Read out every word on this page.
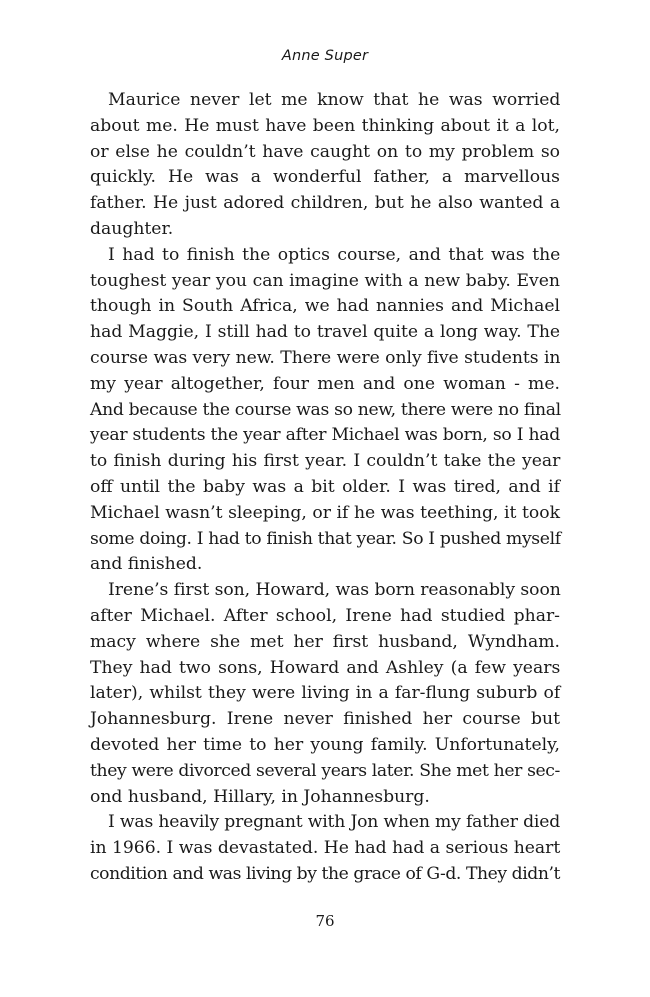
Anne Super
Maurice never let me know that he was worried
about me. He must have been thinking about it a lot,
or else he couldn’t have caught on to my problem so
quickly. He was a wonderful father, a marvellous
father. He just adored children, but he also wanted a
daughter.
I had to finish the optics course, and that was the
toughest year you can imagine with a new baby. Even
though in South Africa, we had nannies and Michael
had Maggie, I still had to travel quite a long way. The
course was very new. There were only five students in
my year altogether, four men and one woman - me.
And because the course was so new, there were no final
year students the year after Michael was born, so I had
to finish during his first year. I couldn’t take the year
off until the baby was a bit older. I was tired, and if
Michael wasn’t sleeping, or if he was teething, it took
some doing. I had to finish that year. So I pushed myself
and finished.
Irene’s first son, Howard, was born reasonably soon
after Michael. After school, Irene had studied phar-
macy where she met her first husband, Wyndham.
They had two sons, Howard and Ashley (a few years
later), whilst they were living in a far-flung suburb of
Johannesburg. Irene never finished her course but
devoted her time to her young family. Unfortunately,
they were divorced several years later. She met her sec-
ond husband, Hillary, in Johannesburg.
I was heavily pregnant with Jon when my father died
in 1966. I was devastated. He had had a serious heart
condition and was living by the grace of G-d. They didn’t
76
